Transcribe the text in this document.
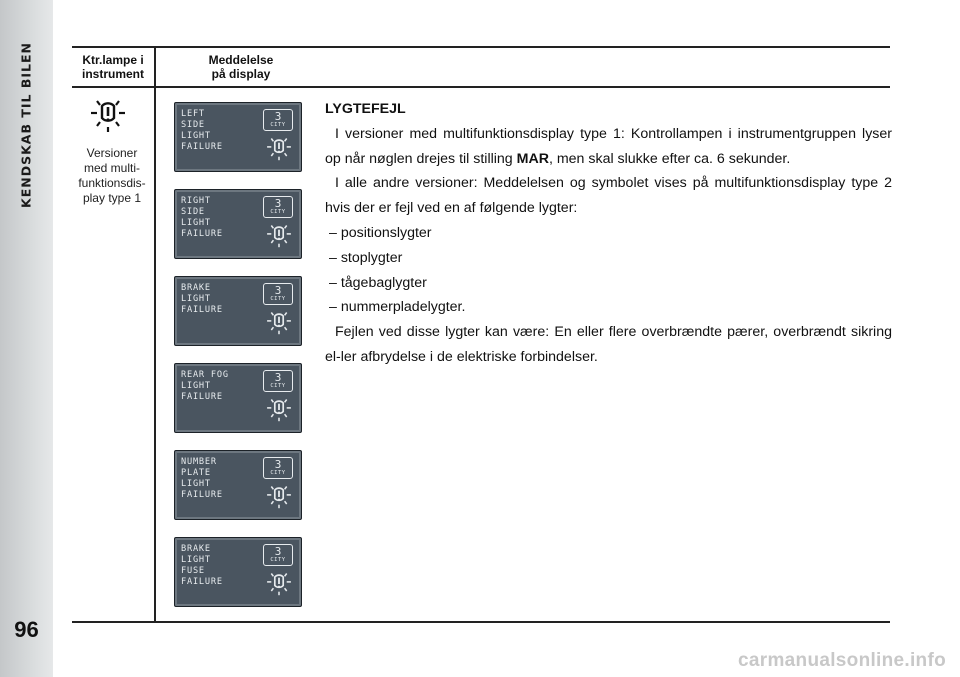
KENDSKAB TIL BILEN
96
Ktr.lampe i
instrument
Meddelelse
på display
Versioner
med multi-
funktionsdis-
play type 1
LEFT
SIDE
LIGHT
FAILURE
3
CITY
RIGHT
SIDE
LIGHT
FAILURE
3
CITY
BRAKE
LIGHT
FAILURE
3
CITY
REAR FOG
LIGHT
FAILURE
3
CITY
NUMBER
PLATE
LIGHT
FAILURE
3
CITY
BRAKE
LIGHT
FUSE
FAILURE
3
CITY

LYGTEFEJL

I versioner med multifunktionsdisplay type 1: Kontrollampen i instrumentgruppen lyser op når nøglen drejes til stilling MAR, men skal slukke efter ca. 6 sekunder.

I alle andre versioner: Meddelelsen og symbolet vises på multifunktionsdisplay type 2 hvis der er fejl ved en af følgende lygter:

– positionslygter

– stoplygter

– tågebaglygter

– nummerpladelygter.

Fejlen ved disse lygter kan være: En eller flere overbrændte pærer, overbrændt sikring el-ler afbrydelse i de elektriske forbindelser.

carmanualsonline.info
